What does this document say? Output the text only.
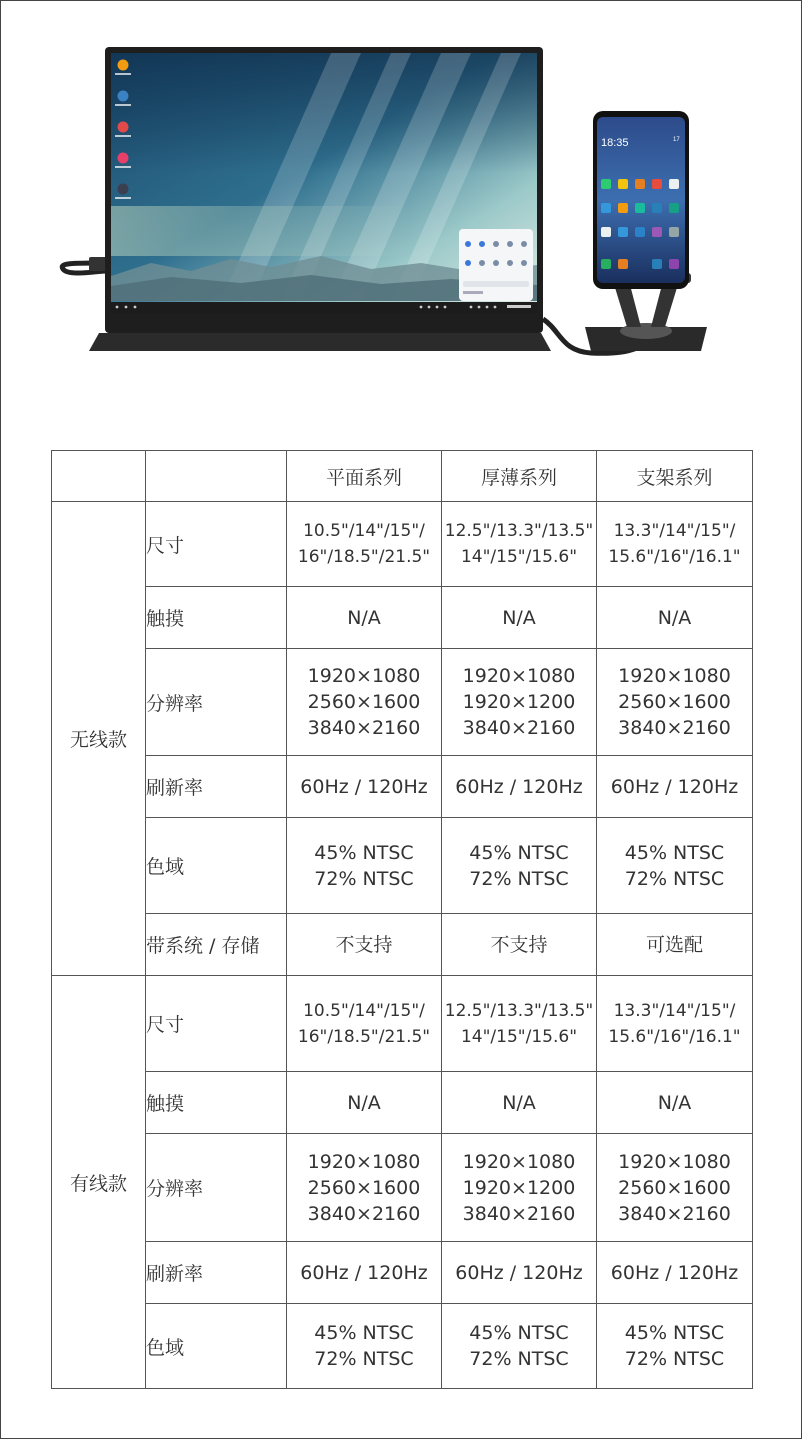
18:35	17
		平面系列	厚薄系列	支架系列
无线款	尺寸	10.5"/14"/15"/
16"/18.5"/21.5"	12.5"/13.3"/13.5"
14"/15"/15.6"	13.3"/14"/15"/
15.6"/16"/16.1"

	触摸	N/A	N/A	N/A

	分辨率	1920×1080
2560×1600
3840×2160	1920×1080
1920×1200
3840×2160	1920×1080
2560×1600
3840×2160

	刷新率	60Hz / 120Hz	60Hz / 120Hz	60Hz / 120Hz

	色域	45% NTSC
72% NTSC	45% NTSC
72% NTSC	45% NTSC
72% NTSC

	带系统 / 存储	不支持	不支持	可选配

有线款	尺寸	10.5"/14"/15"/
16"/18.5"/21.5"	12.5"/13.3"/13.5"
14"/15"/15.6"	13.3"/14"/15"/
15.6"/16"/16.1"

	触摸	N/A	N/A	N/A

	分辨率	1920×1080
2560×1600
3840×2160	1920×1080
1920×1200
3840×2160	1920×1080
2560×1600
3840×2160

	刷新率	60Hz / 120Hz	60Hz / 120Hz	60Hz / 120Hz

	色域	45% NTSC
72% NTSC	45% NTSC
72% NTSC	45% NTSC
72% NTSC
